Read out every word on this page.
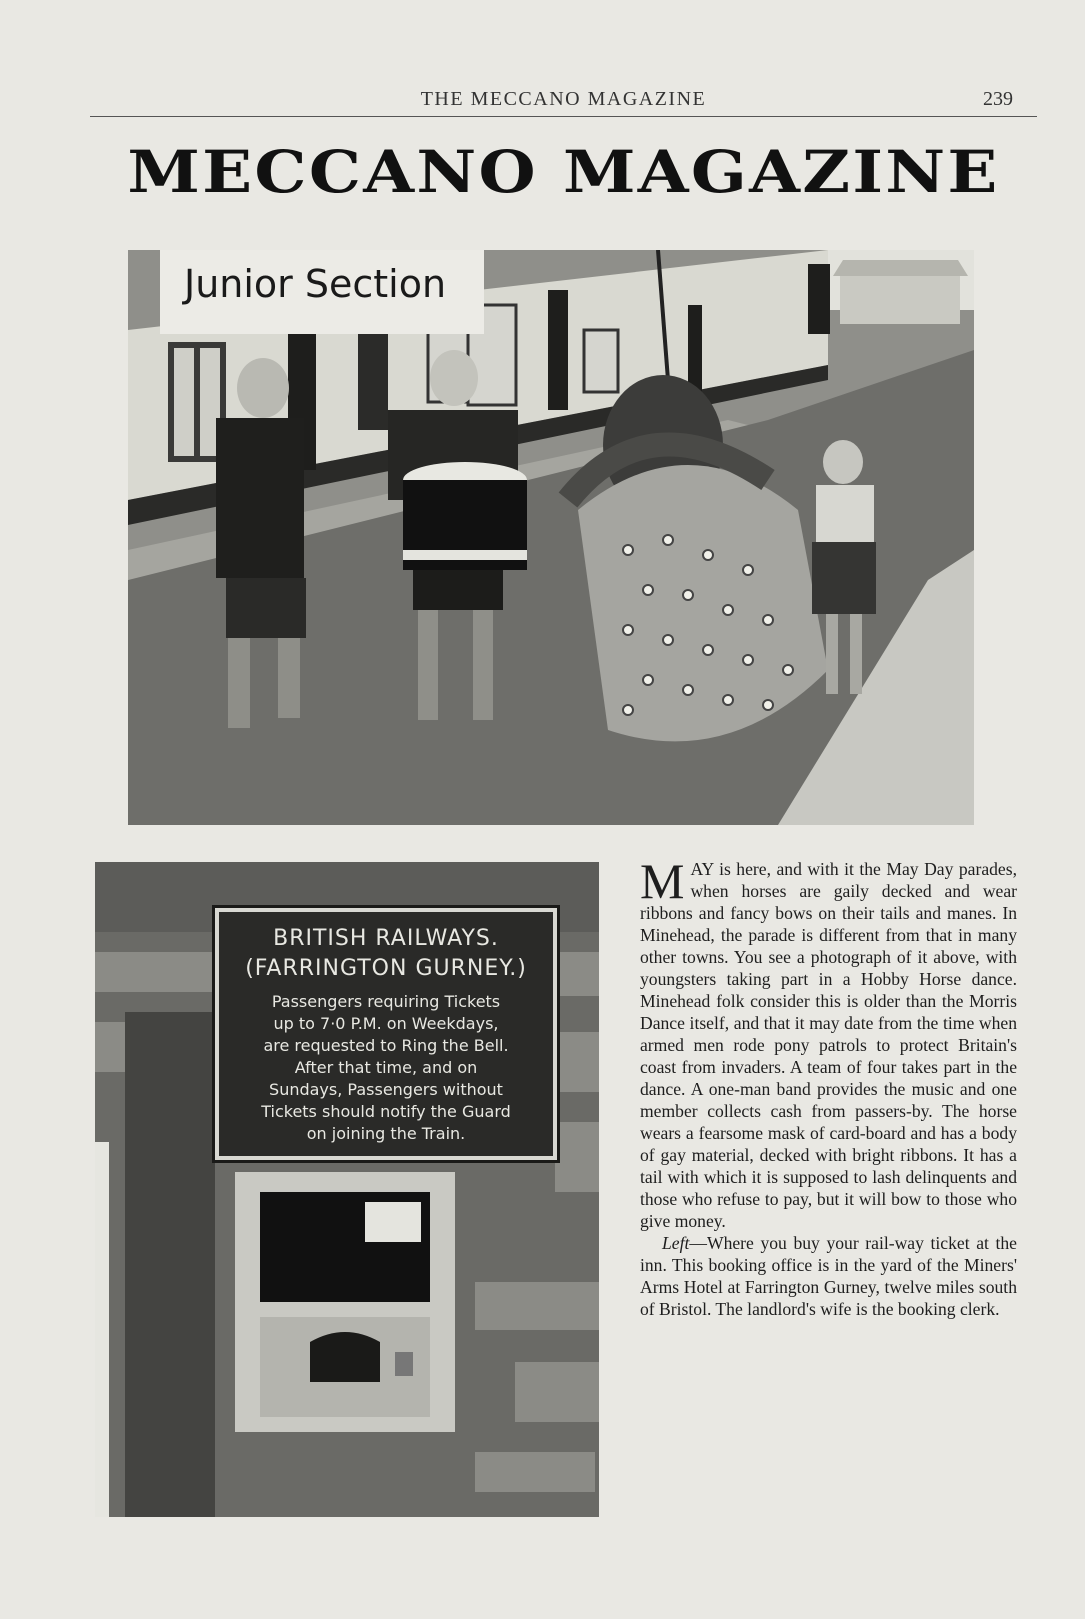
THE MECCANO MAGAZINE	239
MECCANO MAGAZINE
Junior Section
BRITISH RAILWAYS.
(FARRINGTON GURNEY.)
Passengers requiring Tickets
up to 7·0 P.M. on Weekdays,
are requested to Ring the Bell.
After that time, and on
Sundays, Passengers without
Tickets should notify the Guard
on joining the Train.

MAY is here, and with it the May Day parades, when horses are gaily decked and wear ribbons and fancy bows on their tails and manes. In Minehead, the parade is different from that in many other towns. You see a photograph of it above, with youngsters taking part in a Hobby Horse dance. Minehead folk consider this is older than the Morris Dance itself, and that it may date from the time when armed men rode pony patrols to protect Britain's coast from invaders. A team of four takes part in the dance. A one-man band provides the music and one member collects cash from passers-by. The horse wears a fearsome mask of card-board and has a body of gay material, decked with bright ribbons. It has a tail with which it is supposed to lash delinquents and those who refuse to pay, but it will bow to those who give money.

Left—Where you buy your rail-way ticket at the inn. This booking office is in the yard of the Miners' Arms Hotel at Farrington Gurney, twelve miles south of Bristol. The landlord's wife is the booking clerk.
